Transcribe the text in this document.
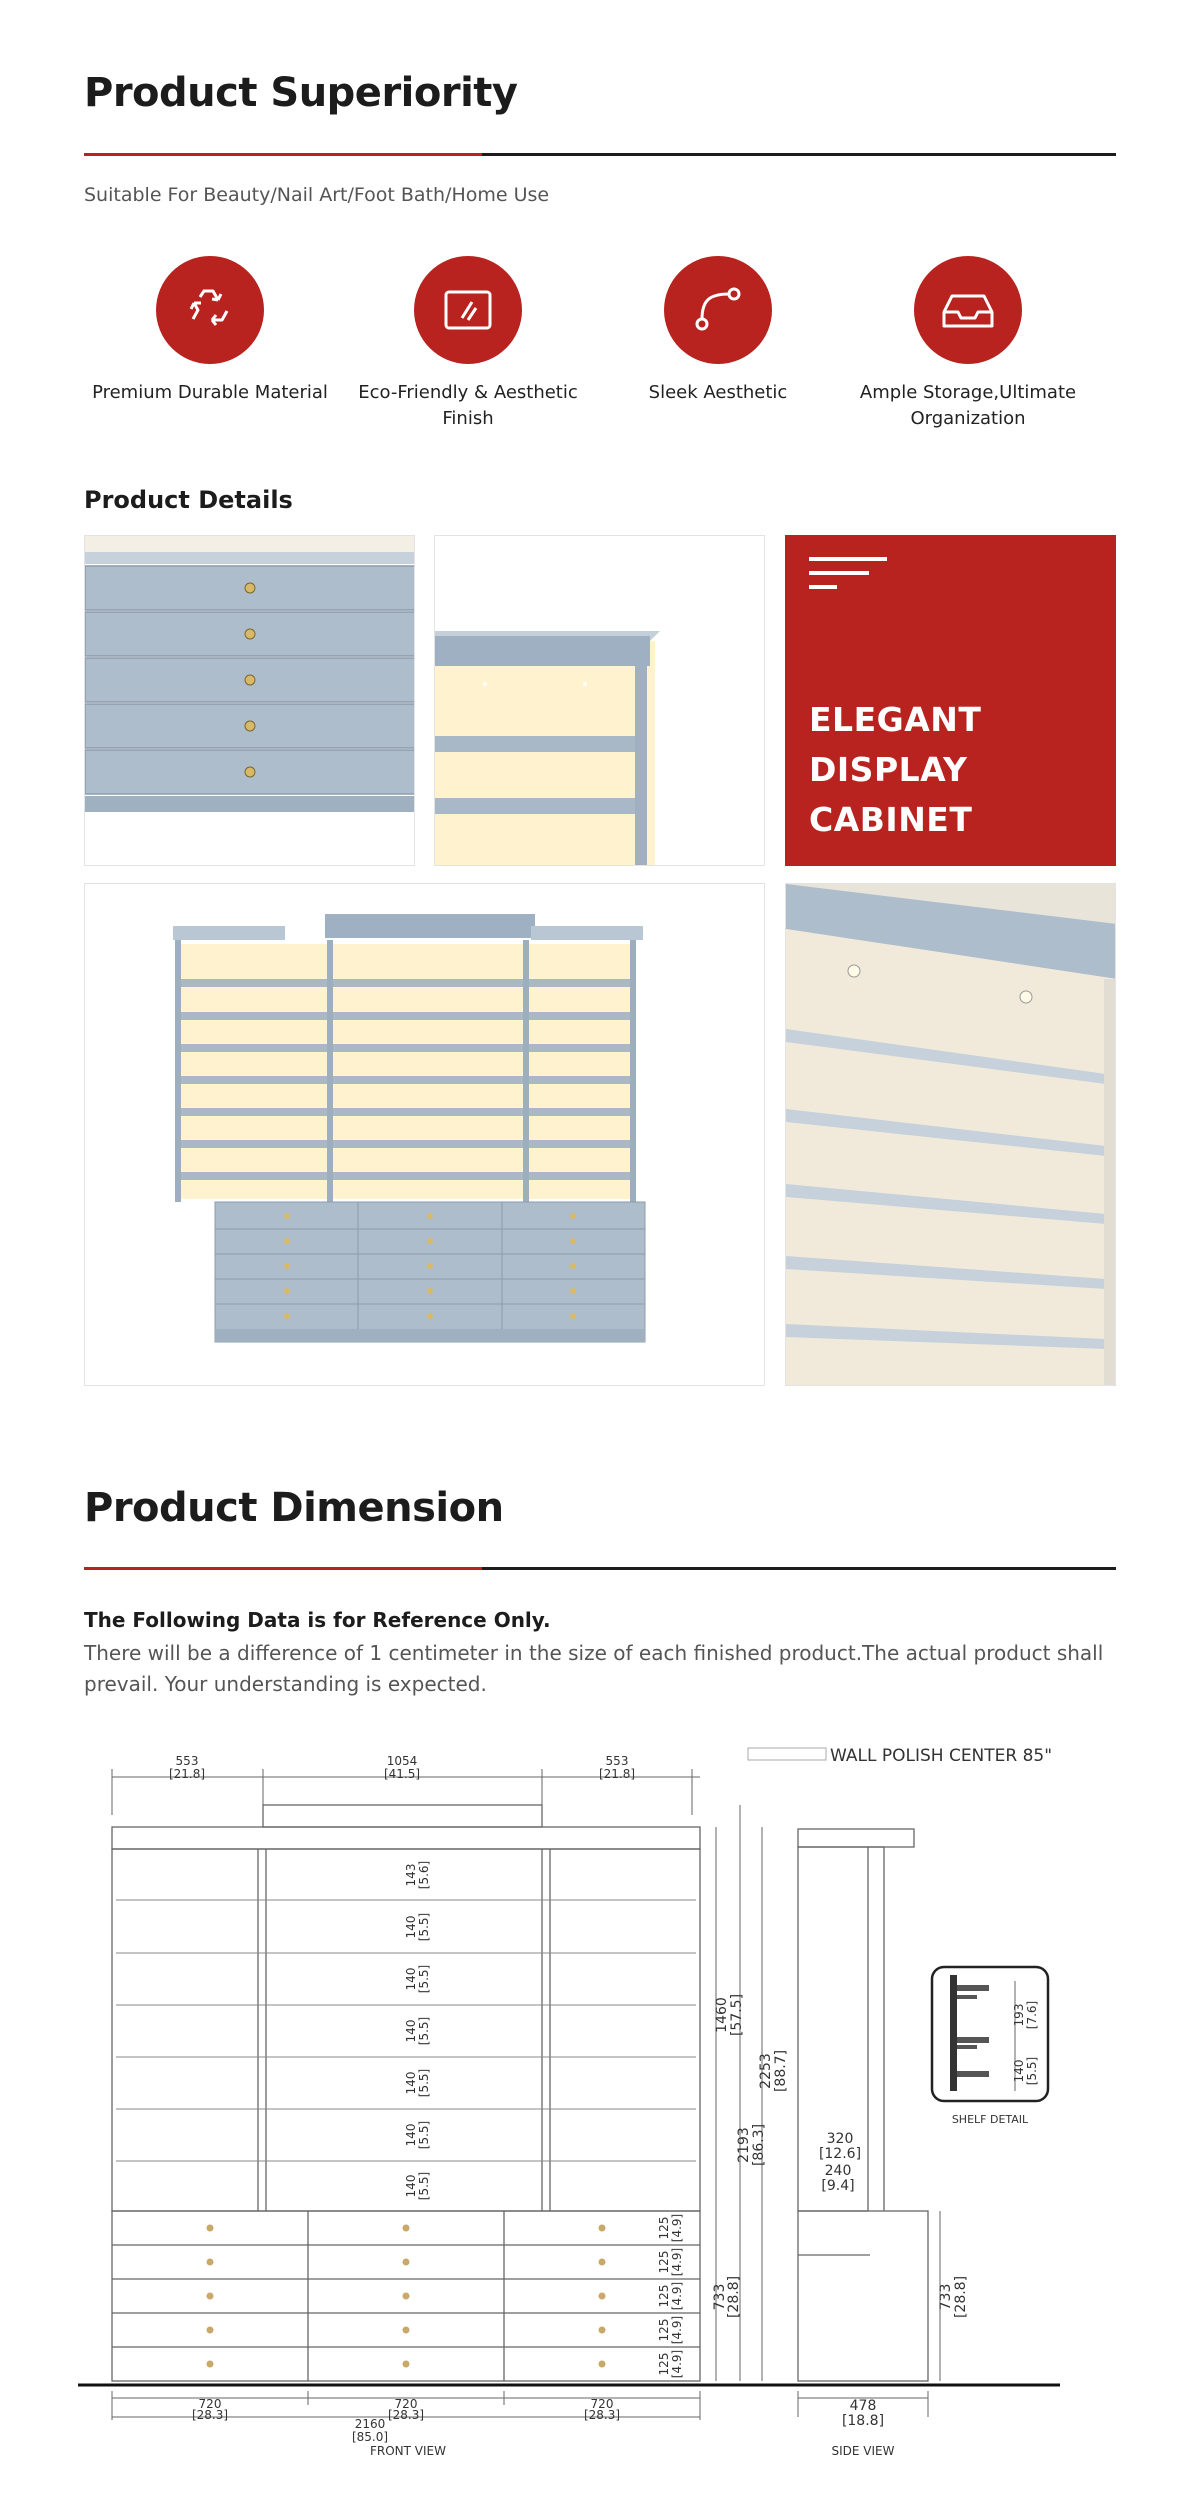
Product Superiority
Suitable For Beauty/Nail Art/Foot Bath/Home Use
Premium Durable Material	Eco-Friendly & Aesthetic Finish
Sleek Aesthetic	Ample Storage,Ultimate Organization
Product Details
ELEGANT
DISPLAY
CABINET
Product Dimension
The Following Data is for Reference Only.
There will be a difference of 1 centimeter in the size of each finished product.The actual product shall prevail. Your understanding is expected.
553
[21.8]
1054
[41.5]
553
[21.8]
WALL POLISH CENTER 85"
143 [5.6]
140 [5.5]
140 [5.5]
140 [5.5]
140 [5.5]
140 [5.5]
140 [5.5]
125 [4.9]
125 [4.9]
125 [4.9]
125 [4.9]
125 [4.9]
1460 [57.5]
2253 [88.7]
2193 [86.3]
733
[28.8]
720
[28.3]
720
[28.3]
720
[28.3]
2160
[85.0]
FRONT VIEW
320
[12.6]
240
[9.4]
733 [28.8]
478
[18.8]
SIDE VIEW
193 [7.6]
140 [5.5]
SHELF DETAIL
